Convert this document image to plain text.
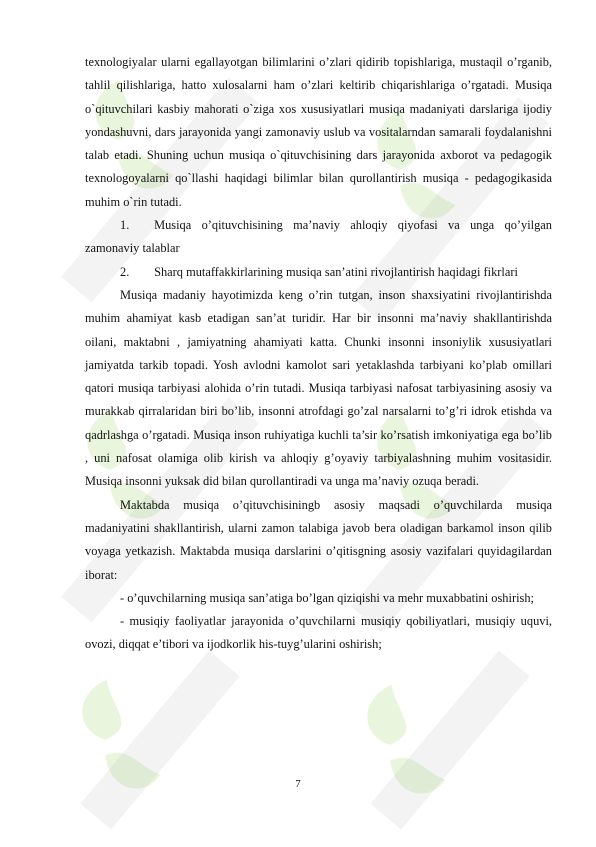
texnologiyalar ularni egallayotgan bilimlarini o’zlari qidirib topishlariga, mustaqil o’rganib, tahlil qilishlariga, hatto xulosalarni ham o’zlari keltirib chiqarishlariga o’rgatadi. Musiqa o`qituvchilari kasbiy mahorati o`ziga xos xususiyatlari musiqa madaniyati darslariga ijodiy yondashuvni, dars jarayonida yangi zamonaviy uslub va vositalarndan samarali foydalanishni talab etadi. Shuning uchun musiqa o`qituvchisining dars jarayonida axborot va pedagogik texnologoyalarni qo`llashi haqidagi bilimlar bilan qurollantirish musiqa - pedagogikasida muhim o`rin tutadi.

1.  Musiqa o’qituvchisining ma’naviy ahloqiy qiyofasi va unga qo’yilgan zamonaviy talablar

2.  Sharq mutaffakkirlarining musiqa san’atini rivojlantirish haqidagi fikrlari

Musiqa madaniy hayotimizda keng o’rin tutgan, inson shaxsiyatini rivojlantirishda muhim ahamiyat kasb etadigan san’at turidir. Har bir insonni ma’naviy shakllantirishda oilani, maktabni , jamiyatning ahamiyati katta. Chunki insonni insoniylik xususiyatlari jamiyatda tarkib topadi. Yosh avlodni kamolot sari yetaklashda tarbiyani ko’plab omillari qatori musiqa tarbiyasi alohida o’rin tutadi. Musiqa tarbiyasi nafosat tarbiyasining asosiy va murakkab qirralaridan biri bo’lib, insonni atrofdagi go’zal narsalarni to’g’ri idrok etishda va qadrlashga o’rgatadi. Musiqa inson ruhiyatiga kuchli ta’sir ko’rsatish imkoniyatiga ega bo’lib , uni nafosat olamiga olib kirish va ahloqiy g’oyaviy tarbiyalashning muhim vositasidir. Musiqa insonni yuksak did bilan qurollantiradi va unga ma’naviy ozuqa beradi.

Maktabda musiqa o’qituvchisiningb asosiy maqsadi o’quvchilarda musiqa madaniyatini shakllantirish, ularni zamon talabiga javob bera oladigan barkamol inson qilib voyaga yetkazish. Maktabda musiqa darslarini o’qitisgning asosiy vazifalari quyidagilardan iborat:

- o’quvchilarning musiqa san’atiga bo’lgan qiziqishi va mehr muxabbatini oshirish;

- musiqiy faoliyatlar jarayonida o’quvchilarni musiqiy qobiliyatlari, musiqiy uquvi, ovozi, diqqat e’tibori va ijodkorlik his-tuyg’ularini oshirish;

7
